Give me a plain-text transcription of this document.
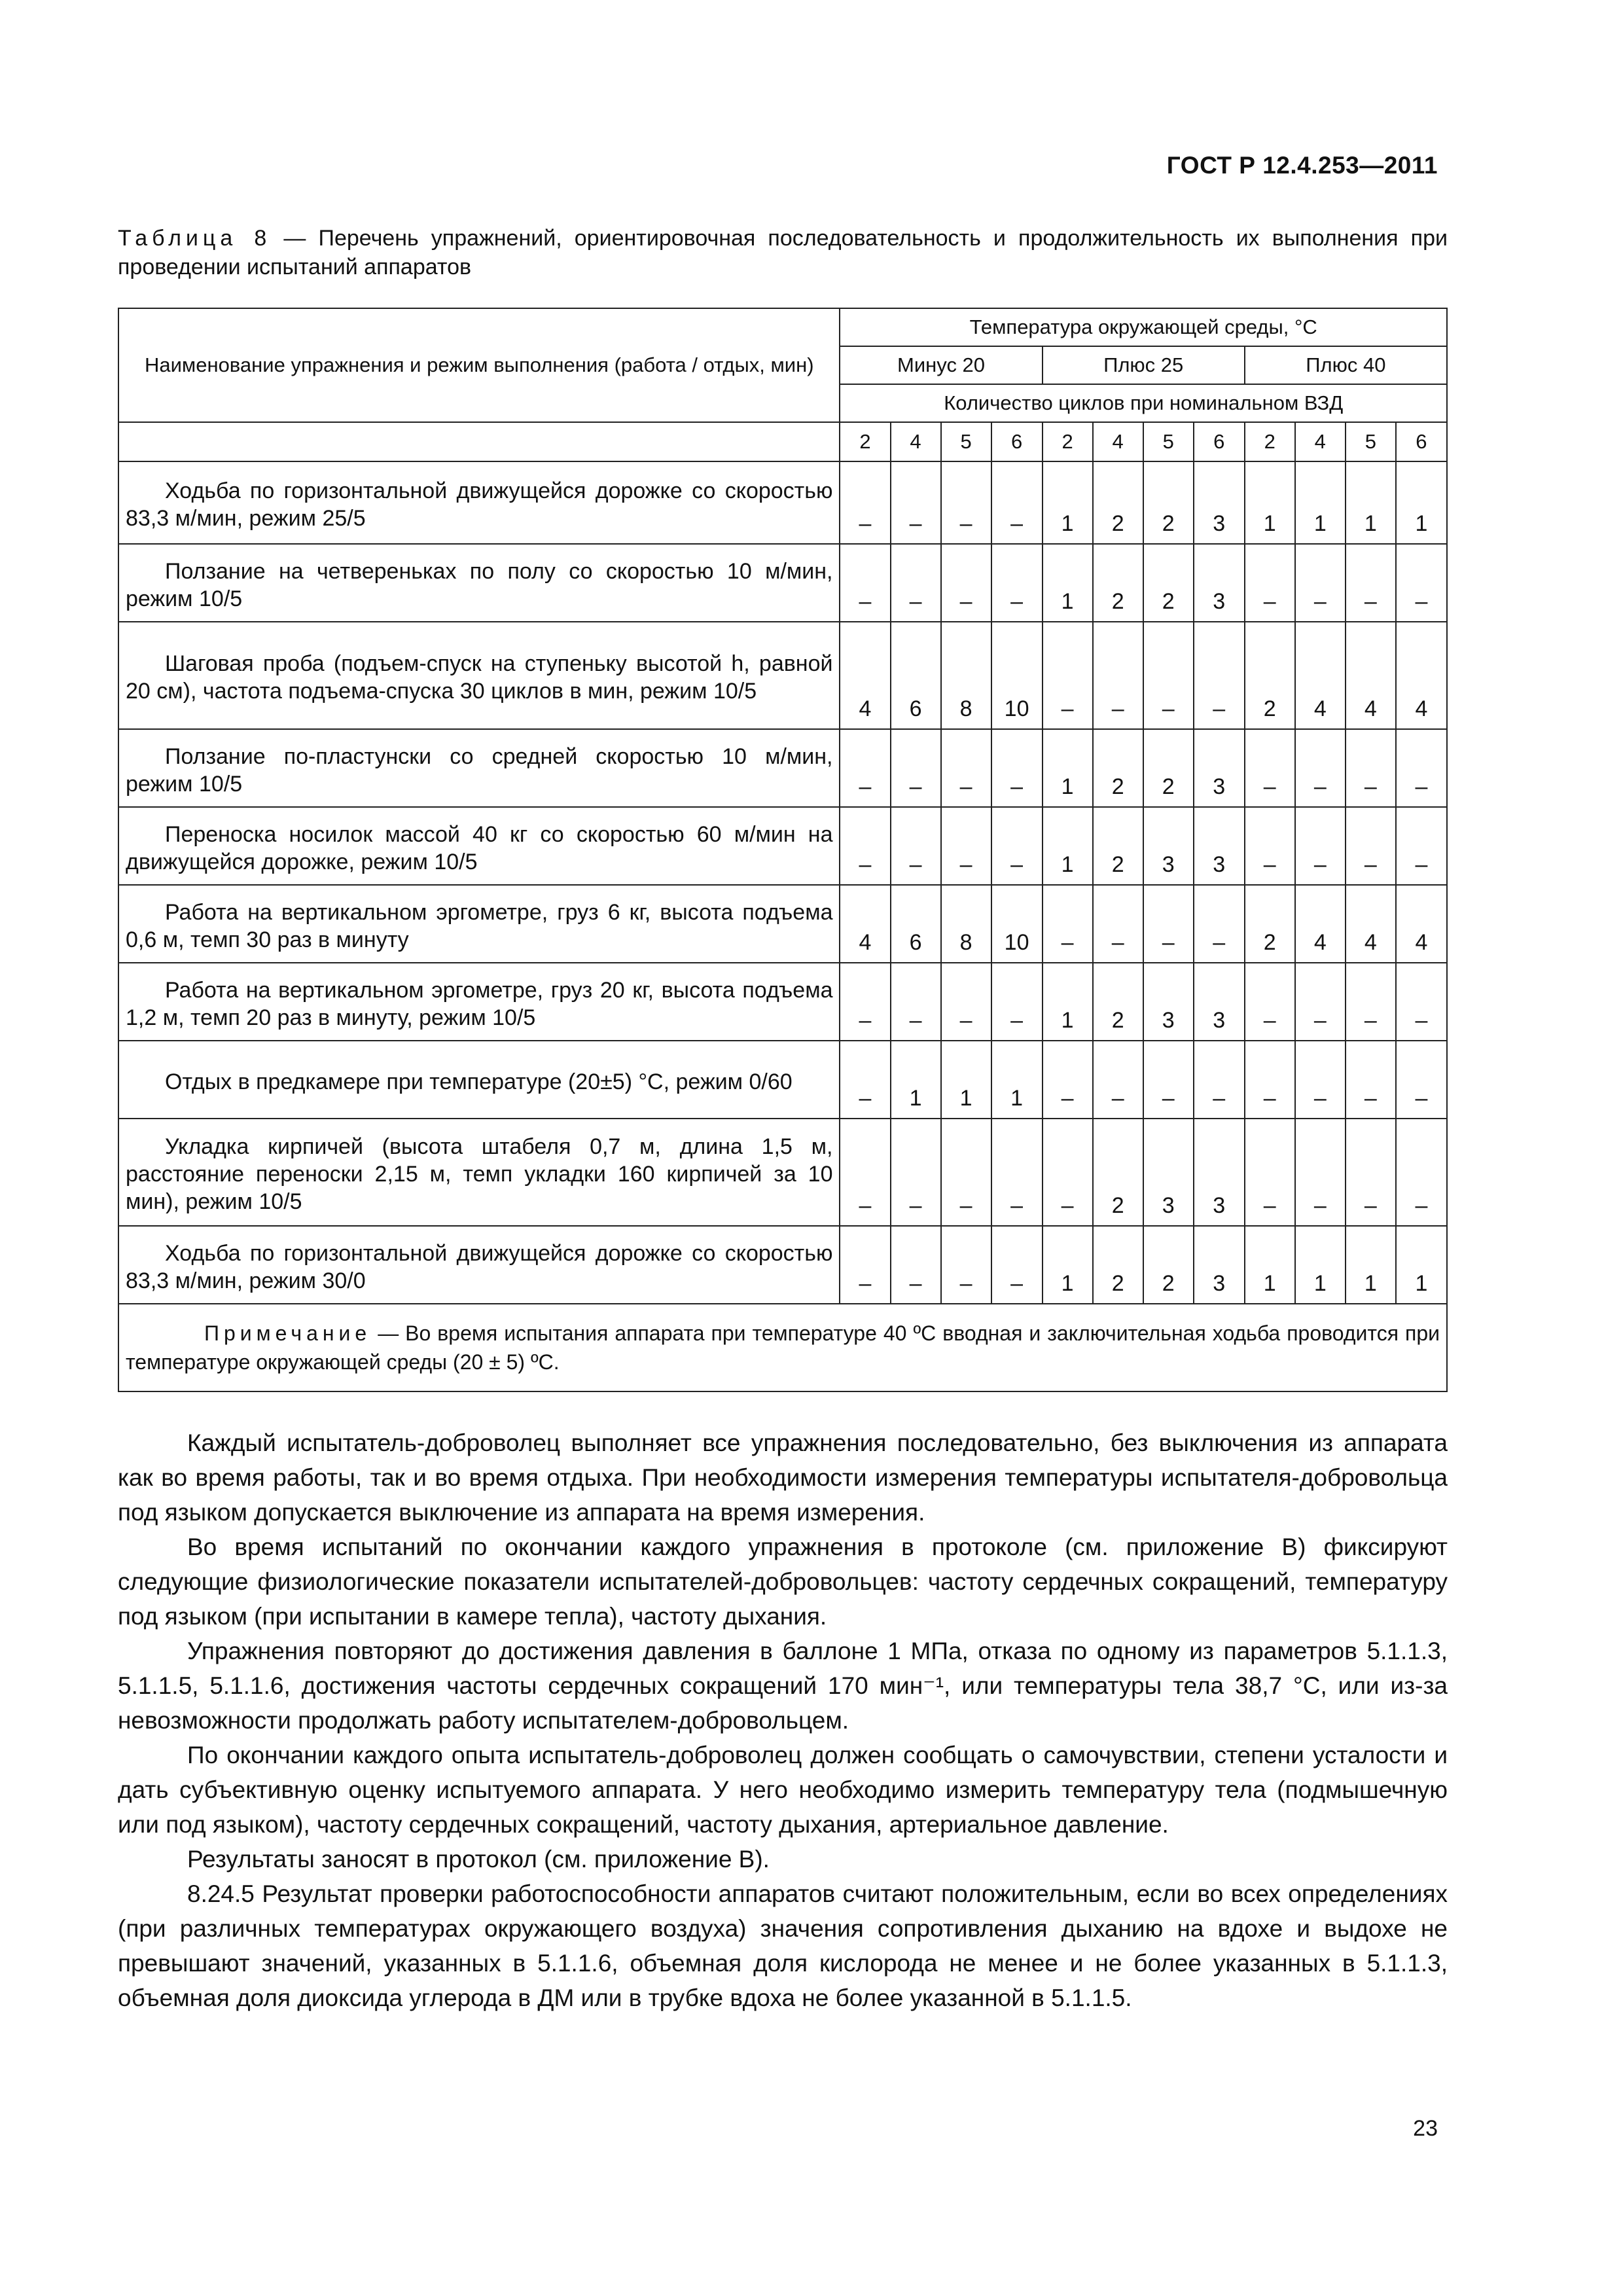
ГОСТ Р 12.4.253—2011
Таблица 8 — Перечень упражнений, ориентировочная последовательность и продолжительность их выполнения при проведении испытаний аппаратов
Наименование упражнения и режим выполнения (работа / отдых, мин)	Температура окружающей среды, °C											
	Минус 20				Плюс 25				Плюс 40			
	Количество циклов при номинальном ВЗД											
	2	4	5	6	2	4	5	6	2	4	5	6

Ходьба по горизонтальной движущейся дорожке со скоростью 83,3 м/мин, режим 25/5	–	–	–	–	1	2	2	3	1	1	1	1

Ползание на четвереньках по полу со скоростью 10 м/мин, режим 10/5	–	–	–	–	1	2	2	3	–	–	–	–

Шаговая проба (подъем-спуск на ступеньку высотой h, равной 20 см), частота подъема-спуска 30 циклов в мин, режим 10/5	4	6	8	10	–	–	–	–	2	4	4	4

Ползание по-пластунски со средней скоростью 10 м/мин, режим 10/5	–	–	–	–	1	2	2	3	–	–	–	–

Переноска носилок массой 40 кг со скоростью 60 м/мин на движущейся дорожке, режим 10/5	–	–	–	–	1	2	3	3	–	–	–	–

Работа на вертикальном эргометре, груз 6 кг, высота подъема 0,6 м, темп 30 раз в минуту	4	6	8	10	–	–	–	–	2	4	4	4

Работа на вертикальном эргометре, груз 20 кг, высота подъема 1,2 м, темп 20 раз в минуту, режим 10/5	–	–	–	–	1	2	3	3	–	–	–	–

Отдых в предкамере при температуре (20±5) °C, режим 0/60	–	1	1	1	–	–	–	–	–	–	–	–

Укладка кирпичей (высота штабеля 0,7 м, длина 1,5 м, расстояние переноски 2,15 м, темп укладки 160 кирпичей за 10 мин), режим 10/5	–	–	–	–	–	2	3	3	–	–	–	–

Ходьба по горизонтальной движущейся дорожке со скоростью 83,3 м/мин, режим 30/0	–	–	–	–	1	2	2	3	1	1	1	1

Примечание — Во время испытания аппарата при температуре 40 ºC вводная и заключительная ходьба проводится при температуре окружающей среды (20 ± 5) ºC.												

Каждый испытатель-доброволец выполняет все упражнения последовательно, без выключения из аппарата как во время работы, так и во время отдыха. При необходимости измерения температуры испытателя-добровольца под языком допускается выключение из аппарата на время измерения.

Во время испытаний по окончании каждого упражнения в протоколе (см. приложение В) фиксируют следующие физиологические показатели испытателей-добровольцев: частоту сердечных сокращений, температуру под языком (при испытании в камере тепла), частоту дыхания.

Упражнения повторяют до достижения давления в баллоне 1 МПа, отказа по одному из параметров 5.1.1.3, 5.1.1.5, 5.1.1.6, достижения частоты сердечных сокращений 170 мин⁻¹, или температуры тела 38,7 °C, или из-за невозможности продолжать работу испытателем-добровольцем.

По окончании каждого опыта испытатель-доброволец должен сообщать о самочувствии, степени усталости и дать субъективную оценку испытуемого аппарата. У него необходимо измерить температуру тела (подмышечную или под языком), частоту сердечных сокращений, частоту дыхания, артериальное давление.

Результаты заносят в протокол (см. приложение В).

8.24.5 Результат проверки работоспособности аппаратов считают положительным, если во всех определениях (при различных температурах окружающего воздуха) значения сопротивления дыханию на вдохе и выдохе не превышают значений, указанных в 5.1.1.6, объемная доля кислорода не менее и не более указанных в 5.1.1.3, объемная доля диоксида углерода в ДМ или в трубке вдоха не более указанной в 5.1.1.5.

23
